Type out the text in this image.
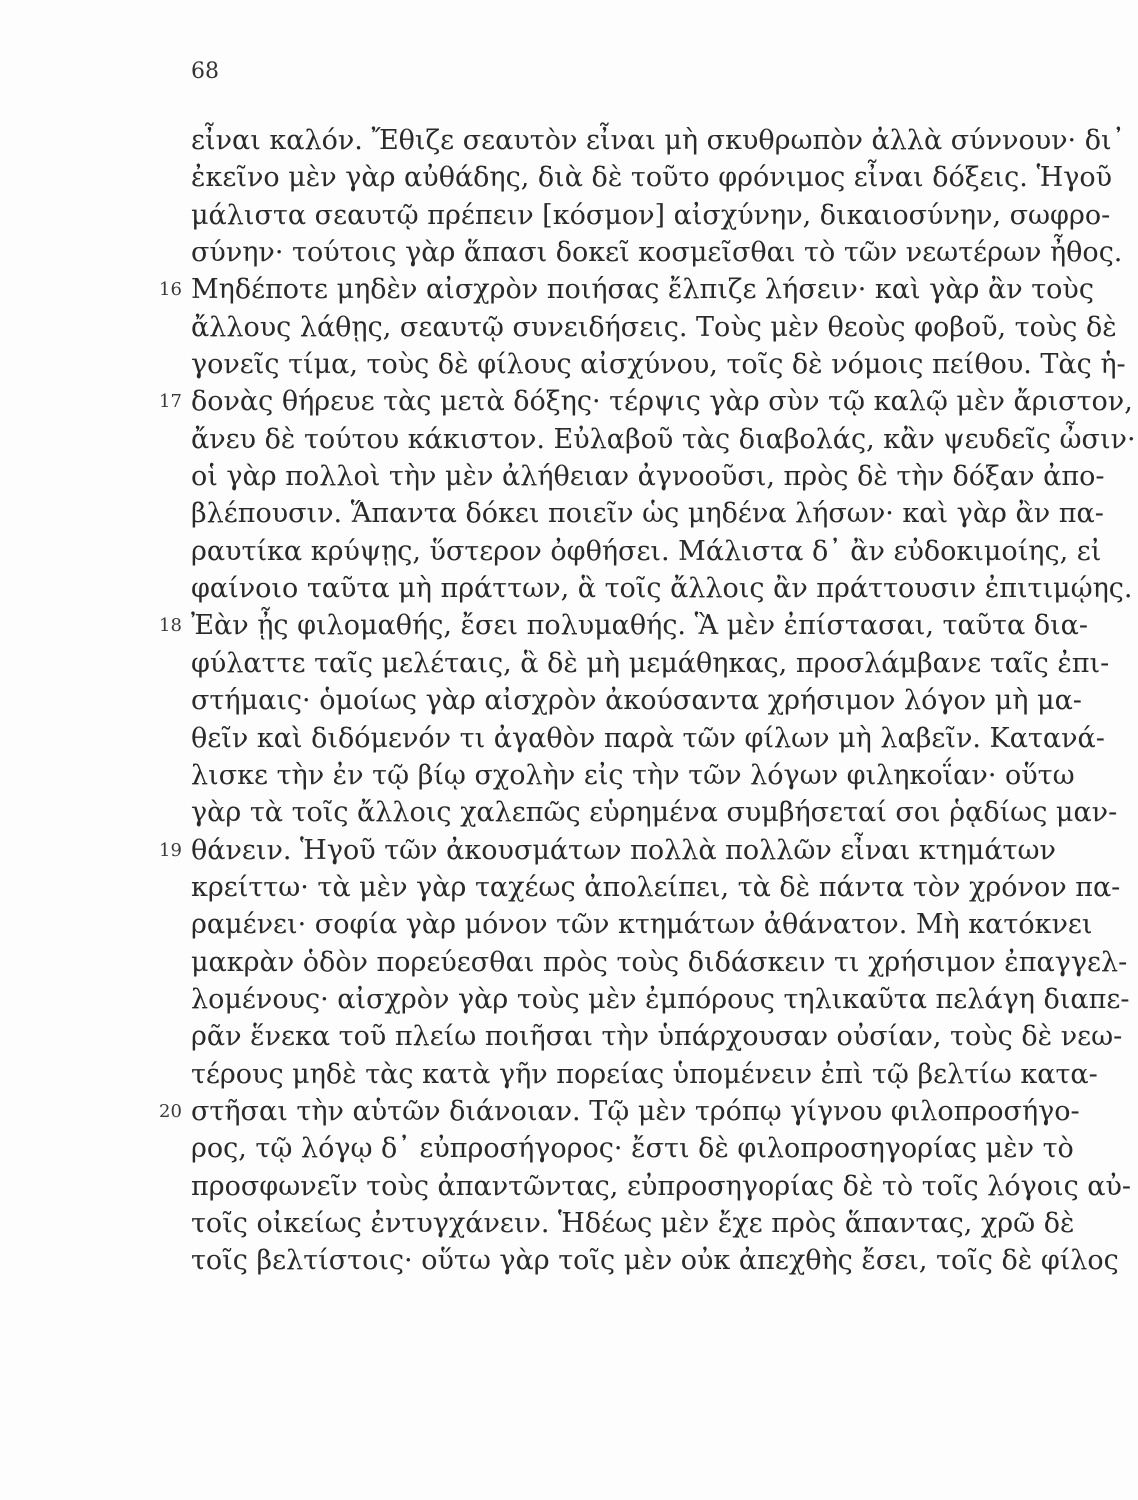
68
εἶναι καλόν. Ἔθιζε σεαυτὸν εἶναι μὴ σκυθρωπὸν ἀλλὰ σύννουν· δι᾽
ἐκεῖνο μὲν γὰρ αὐθάδης, διὰ δὲ τοῦτο φρόνιμος εἶναι δόξεις. Ἡγοῦ
μάλιστα σεαυτῷ πρέπειν [κόσμον] αἰσχύνην, δικαιοσύνην, σωφρο-
σύνην· τούτοις γὰρ ἅπασι δοκεῖ κοσμεῖσθαι τὸ τῶν νεωτέρων ἦθος.
16 Μηδέποτε μηδὲν αἰσχρὸν ποιήσας ἔλπιζε λήσειν· καὶ γὰρ ἂν τοὺς
ἄλλους λάθῃς, σεαυτῷ συνειδήσεις. Τοὺς μὲν θεοὺς φοβοῦ, τοὺς δὲ
γονεῖς τίμα, τοὺς δὲ φίλους αἰσχύνου, τοῖς δὲ νόμοις πείθου. Τὰς ἡ-
17 δονὰς θήρευε τὰς μετὰ δόξης· τέρψις γὰρ σὺν τῷ καλῷ μὲν ἄριστον,
ἄνευ δὲ τούτου κάκιστον. Εὐλαβοῦ τὰς διαβολάς, κἂν ψευδεῖς ὦσιν·
οἱ γὰρ πολλοὶ τὴν μὲν ἀλήθειαν ἀγνοοῦσι, πρὸς δὲ τὴν δόξαν ἀπο-
βλέπουσιν. Ἅπαντα δόκει ποιεῖν ὡς μηδένα λήσων· καὶ γὰρ ἂν πα-
ραυτίκα κρύψῃς, ὕστερον ὀφθήσει. Μάλιστα δ᾽ ἂν εὐδοκιμοίης, εἰ
φαίνοιο ταῦτα μὴ πράττων, ἃ τοῖς ἄλλοις ἂν πράττουσιν ἐπιτιμῴης.
18 Ἐὰν ᾖς φιλομαθής, ἔσει πολυμαθής. Ἃ μὲν ἐπίστασαι, ταῦτα δια-
φύλαττε ταῖς μελέταις, ἃ δὲ μὴ μεμάθηκας, προσλάμβανε ταῖς ἐπι-
στήμαις· ὁμοίως γὰρ αἰσχρὸν ἀκούσαντα χρήσιμον λόγον μὴ μα-
θεῖν καὶ διδόμενόν τι ἀγαθὸν παρὰ τῶν φίλων μὴ λαβεῖν. Κατανά-
λισκε τὴν ἐν τῷ βίῳ σχολὴν εἰς τὴν τῶν λόγων φιληκοΐαν· οὕτω
γὰρ τὰ τοῖς ἄλλοις χαλεπῶς εὑρημένα συμβήσεταί σοι ῥᾳδίως μαν-
19 θάνειν. Ἡγοῦ τῶν ἀκουσμάτων πολλὰ πολλῶν εἶναι κτημάτων
κρείττω· τὰ μὲν γὰρ ταχέως ἀπολείπει, τὰ δὲ πάντα τὸν χρόνον πα-
ραμένει· σοφία γὰρ μόνον τῶν κτημάτων ἀθάνατον. Μὴ κατόκνει
μακρὰν ὁδὸν πορεύεσθαι πρὸς τοὺς διδάσκειν τι χρήσιμον ἐπαγγελ-
λομένους· αἰσχρὸν γὰρ τοὺς μὲν ἐμπόρους τηλικαῦτα πελάγη διαπε-
ρᾶν ἕνεκα τοῦ πλείω ποιῆσαι τὴν ὑπάρχουσαν οὐσίαν, τοὺς δὲ νεω-
τέρους μηδὲ τὰς κατὰ γῆν πορείας ὑπομένειν ἐπὶ τῷ βελτίω κατα-
20 στῆσαι τὴν αὑτῶν διάνοιαν. Τῷ μὲν τρόπῳ γίγνου φιλοπροσήγο-
ρος, τῷ λόγῳ δ᾽ εὐπροσήγορος· ἔστι δὲ φιλοπροσηγορίας μὲν τὸ
προσφωνεῖν τοὺς ἀπαντῶντας, εὐπροσηγορίας δὲ τὸ τοῖς λόγοις αὐ-
τοῖς οἰκείως ἐντυγχάνειν. Ἡδέως μὲν ἔχε πρὸς ἅπαντας, χρῶ δὲ
τοῖς βελτίστοις· οὕτω γὰρ τοῖς μὲν οὐκ ἀπεχθὴς ἔσει, τοῖς δὲ φίλος
